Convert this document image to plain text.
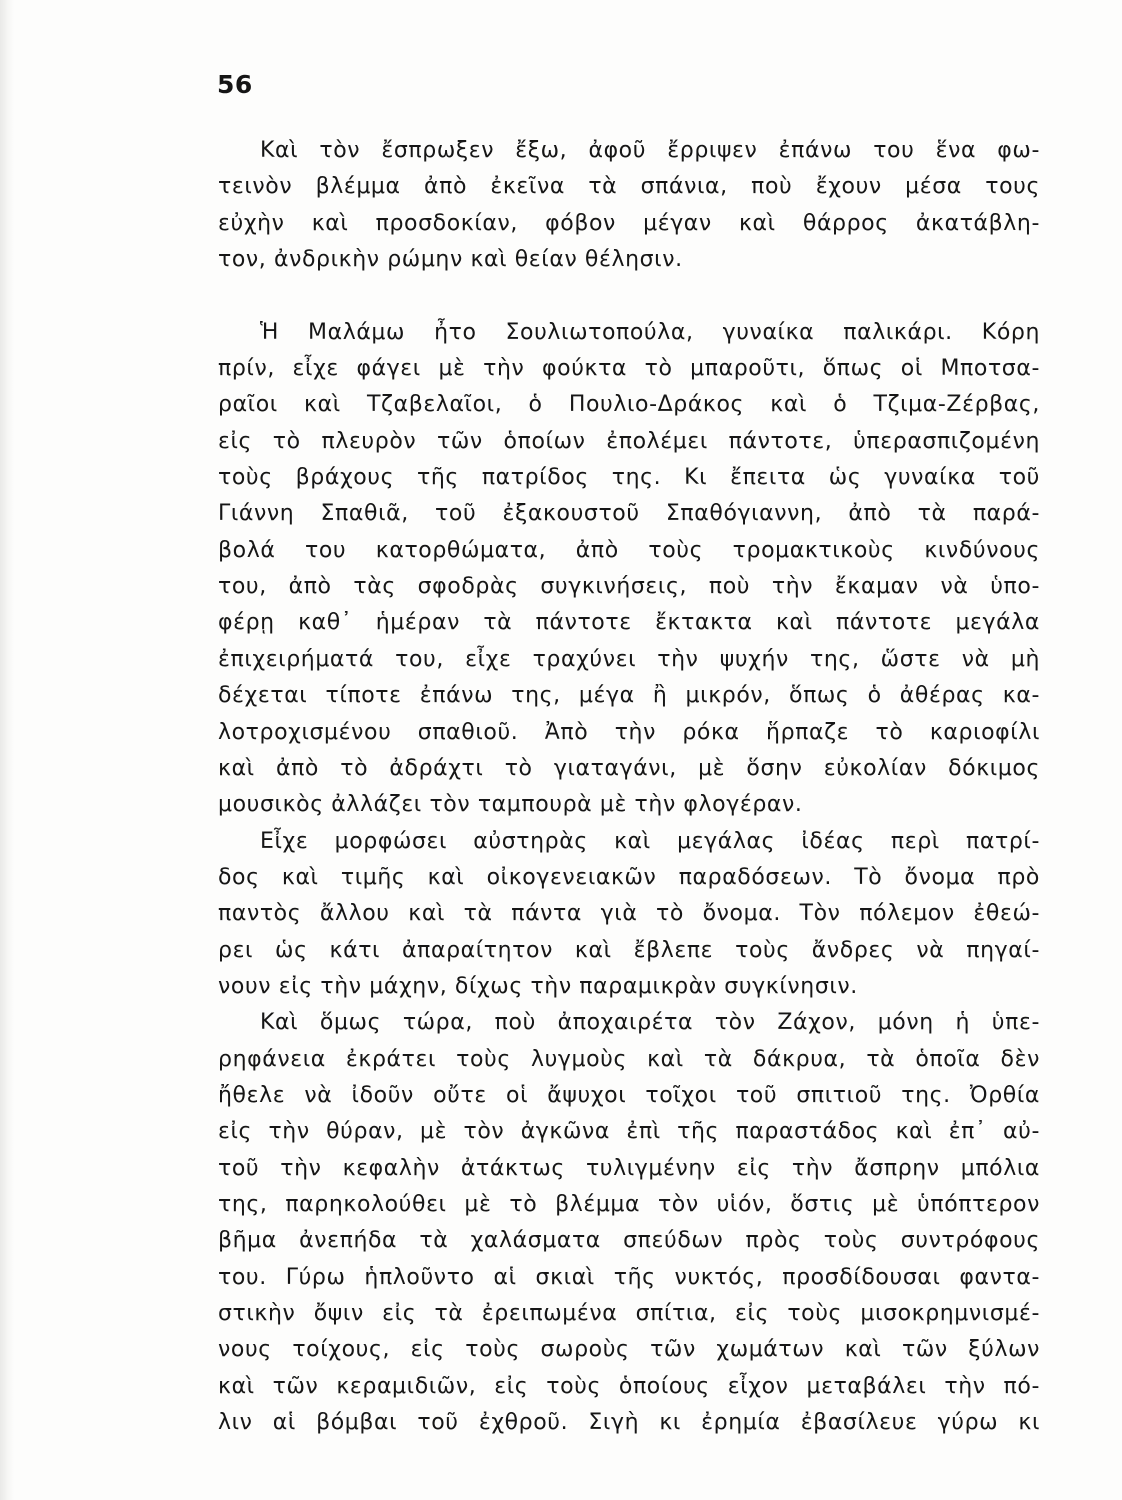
56
Καὶ τὸν ἔσπρωξεν ἔξω, ἀφοῦ ἔρριψεν ἐπάνω του ἕνα φω-
τεινὸν βλέμμα ἀπὸ ἐκεῖνα τὰ σπάνια, ποὺ ἔχουν μέσα τους
εὐχὴν καὶ προσδοκίαν, φόβον μέγαν καὶ θάρρος ἀκατάβλη-
τον, ἀνδρικὴν ρώμην καὶ θείαν θέλησιν.
Ἡ Μαλάμω ἦτο Σουλιωτοπούλα, γυναίκα παλικάρι. Κόρη
πρίν, εἶχε φάγει μὲ τὴν φούκτα τὸ μπαροῦτι, ὅπως οἱ Μποτσα-
ραῖοι καὶ Τζαβελαῖοι, ὁ Πουλιο-Δράκος καὶ ὁ Τζιμα-Ζέρβας,
εἰς τὸ πλευρὸν τῶν ὁποίων ἐπολέμει πάντοτε, ὑπερασπιζομένη
τοὺς βράχους τῆς πατρίδος της. Κι ἔπειτα ὡς γυναίκα τοῦ
Γιάννη Σπαθιᾶ, τοῦ ἐξακουστοῦ Σπαθόγιαννη, ἀπὸ τὰ παρά-
βολά του κατορθώματα, ἀπὸ τοὺς τρομακτικοὺς κινδύνους
του, ἀπὸ τὰς σφοδρὰς συγκινήσεις, ποὺ τὴν ἔκαμαν νὰ ὑπο-
φέρῃ καθ᾽ ἡμέραν τὰ πάντοτε ἔκτακτα καὶ πάντοτε μεγάλα
ἐπιχειρήματά του, εἶχε τραχύνει τὴν ψυχήν της, ὥστε νὰ μὴ
δέχεται τίποτε ἐπάνω της, μέγα ἢ μικρόν, ὅπως ὁ ἀθέρας κα-
λοτροχισμένου σπαθιοῦ. Ἀπὸ τὴν ρόκα ἥρπαζε τὸ καριοφίλι
καὶ ἀπὸ τὸ ἀδράχτι τὸ γιαταγάνι, μὲ ὅσην εὐκολίαν δόκιμος
μουσικὸς ἀλλάζει τὸν ταμπουρὰ μὲ τὴν φλογέραν.
Εἶχε μορφώσει αὐστηρὰς καὶ μεγάλας ἰδέας περὶ πατρί-
δος καὶ τιμῆς καὶ οἰκογενειακῶν παραδόσεων. Τὸ ὄνομα πρὸ
παντὸς ἄλλου καὶ τὰ πάντα γιὰ τὸ ὄνομα. Τὸν πόλεμον ἐθεώ-
ρει ὡς κάτι ἀπαραίτητον καὶ ἔβλεπε τοὺς ἄνδρες νὰ πηγαί-
νουν εἰς τὴν μάχην, δίχως τὴν παραμικρὰν συγκίνησιν.
Καὶ ὅμως τώρα, ποὺ ἀποχαιρέτα τὸν Ζάχον, μόνη ἡ ὑπε-
ρηφάνεια ἐκράτει τοὺς λυγμοὺς καὶ τὰ δάκρυα, τὰ ὁποῖα δὲν
ἤθελε νὰ ἰδοῦν οὔτε οἱ ἄψυχοι τοῖχοι τοῦ σπιτιοῦ της. Ὀρθία
εἰς τὴν θύραν, μὲ τὸν ἀγκῶνα ἐπὶ τῆς παραστάδος καὶ ἐπ᾽ αὐ-
τοῦ τὴν κεφαλὴν ἀτάκτως τυλιγμένην εἰς τὴν ἄσπρην μπόλια
της, παρηκολούθει μὲ τὸ βλέμμα τὸν υἱόν, ὅστις μὲ ὑπόπτερον
βῆμα ἀνεπήδα τὰ χαλάσματα σπεύδων πρὸς τοὺς συντρόφους
του. Γύρω ἡπλοῦντο αἱ σκιαὶ τῆς νυκτός, προσδίδουσαι φαντα-
στικὴν ὄψιν εἰς τὰ ἐρειπωμένα σπίτια, εἰς τοὺς μισοκρημνισμέ-
νους τοίχους, εἰς τοὺς σωροὺς τῶν χωμάτων καὶ τῶν ξύλων
καὶ τῶν κεραμιδιῶν, εἰς τοὺς ὁποίους εἶχον μεταβάλει τὴν πό-
λιν αἱ βόμβαι τοῦ ἐχθροῦ. Σιγὴ κι ἐρημία ἐβασίλευε γύρω κι
